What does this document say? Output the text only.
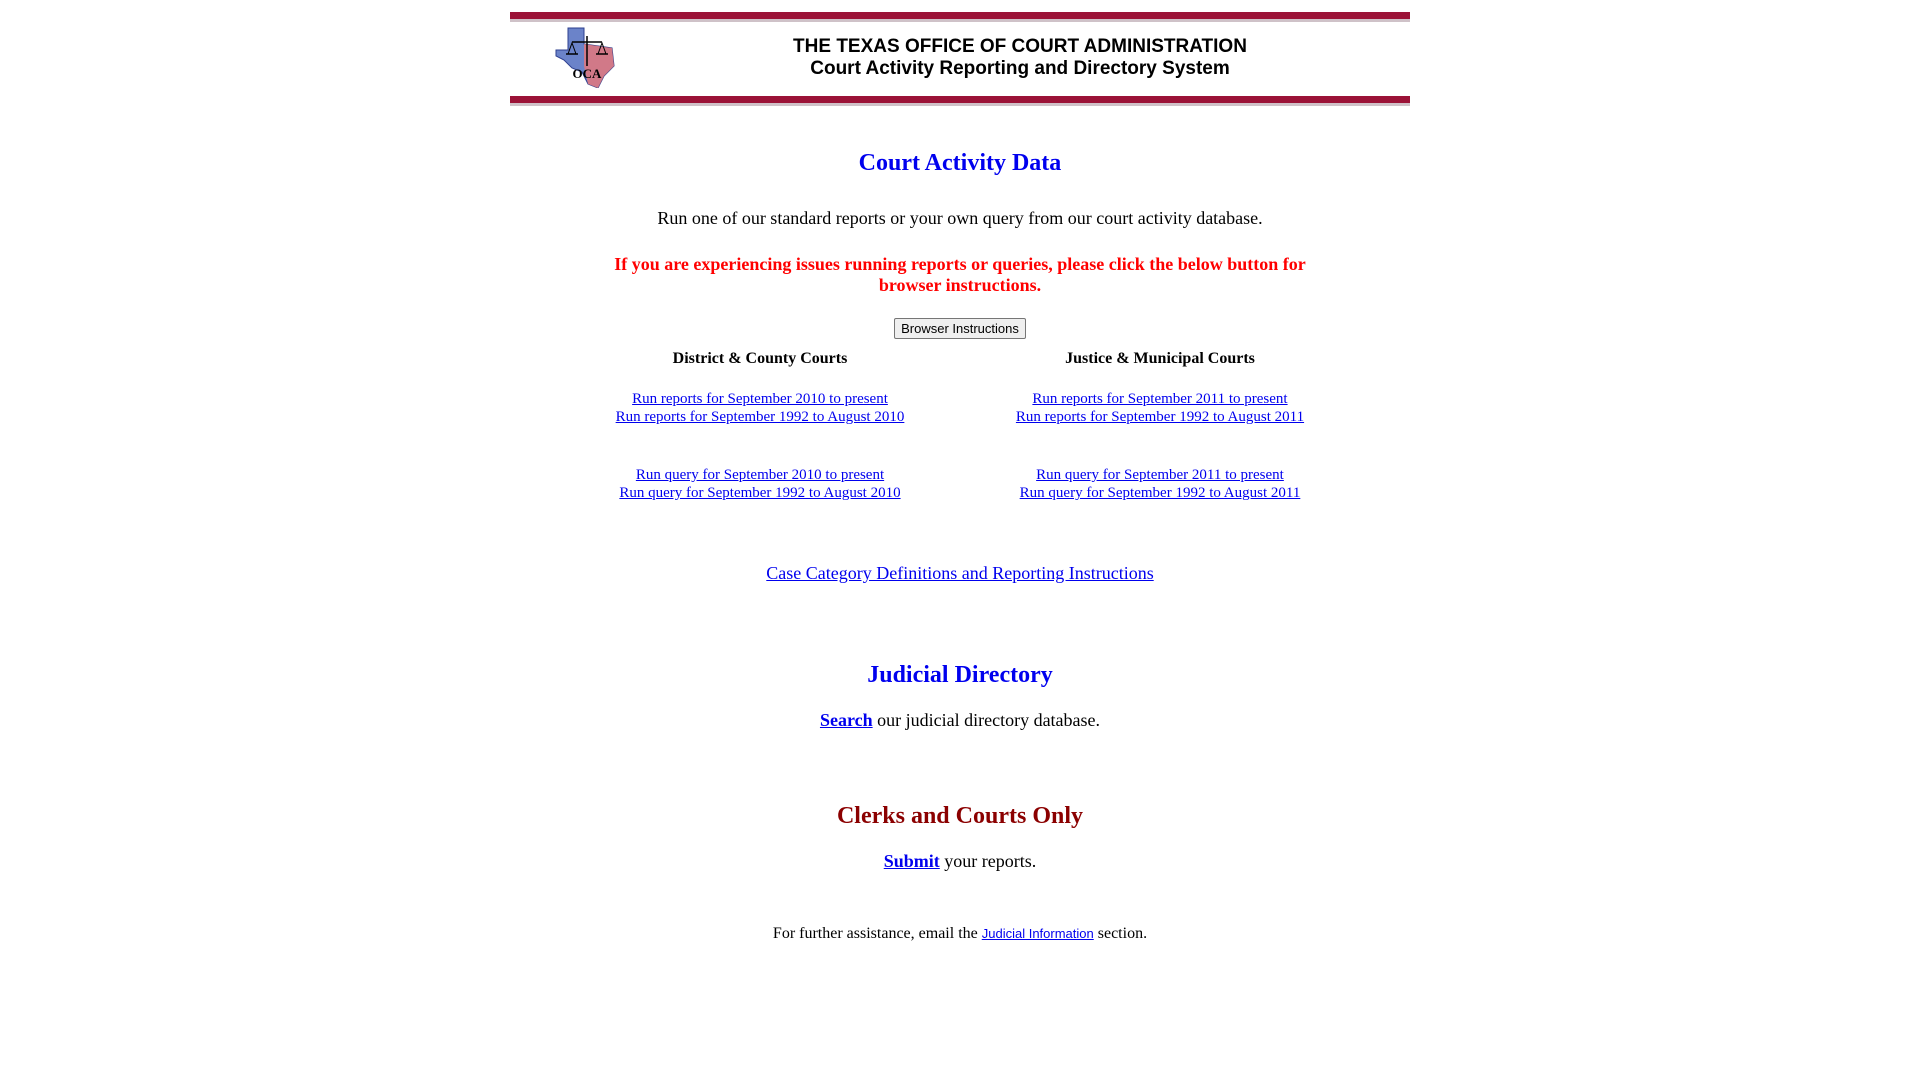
OCA
THE TEXAS OFFICE OF COURT ADMINISTRATION
Court Activity Reporting and Directory System
Court Activity Data
Run one of our standard reports or your own query from our court activity database.
If you are experiencing issues running reports or queries, please click the below button for
browser instructions.
Browser Instructions
District & County Courts
Run reports for September 2010 to present
Run reports for September 1992 to August 2010
Run query for September 2010 to present
Run query for September 1992 to August 2010
Justice & Municipal Courts
Run reports for September 2011 to present
Run reports for September 1992 to August 2011
Run query for September 2011 to present
Run query for September 1992 to August 2011
Case Category Definitions and Reporting Instructions
Judicial Directory
Search our judicial directory database.
Clerks and Courts Only
Submit your reports.
For further assistance, email the Judicial Information section.
